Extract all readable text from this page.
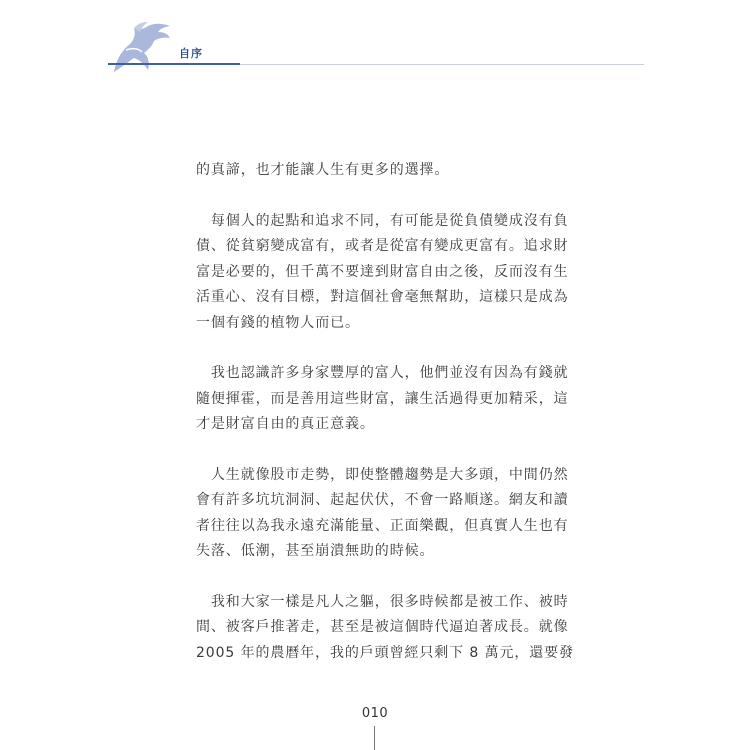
自序

的真諦，也才能讓人生有更多的選擇。

　每個人的起點和追求不同，有可能是從負債變成沒有負
債、從貧窮變成富有，或者是從富有變成更富有。追求財
富是必要的，但千萬不要達到財富自由之後，反而沒有生
活重心、沒有目標，對這個社會毫無幫助，這樣只是成為
一個有錢的植物人而已。

　我也認識許多身家豐厚的富人，他們並沒有因為有錢就
隨便揮霍，而是善用這些財富，讓生活過得更加精采，這
才是財富自由的真正意義。

　人生就像股市走勢，即使整體趨勢是大多頭，中間仍然
會有許多坑坑洞洞、起起伏伏，不會一路順遂。網友和讀
者往往以為我永遠充滿能量、正面樂觀，但真實人生也有
失落、低潮，甚至崩潰無助的時候。

　我和大家一樣是凡人之軀，很多時候都是被工作、被時
間、被客戶推著走，甚至是被這個時代逼迫著成長。就像
2005 年的農曆年，我的戶頭曾經只剩下 8 萬元，還要發

010
